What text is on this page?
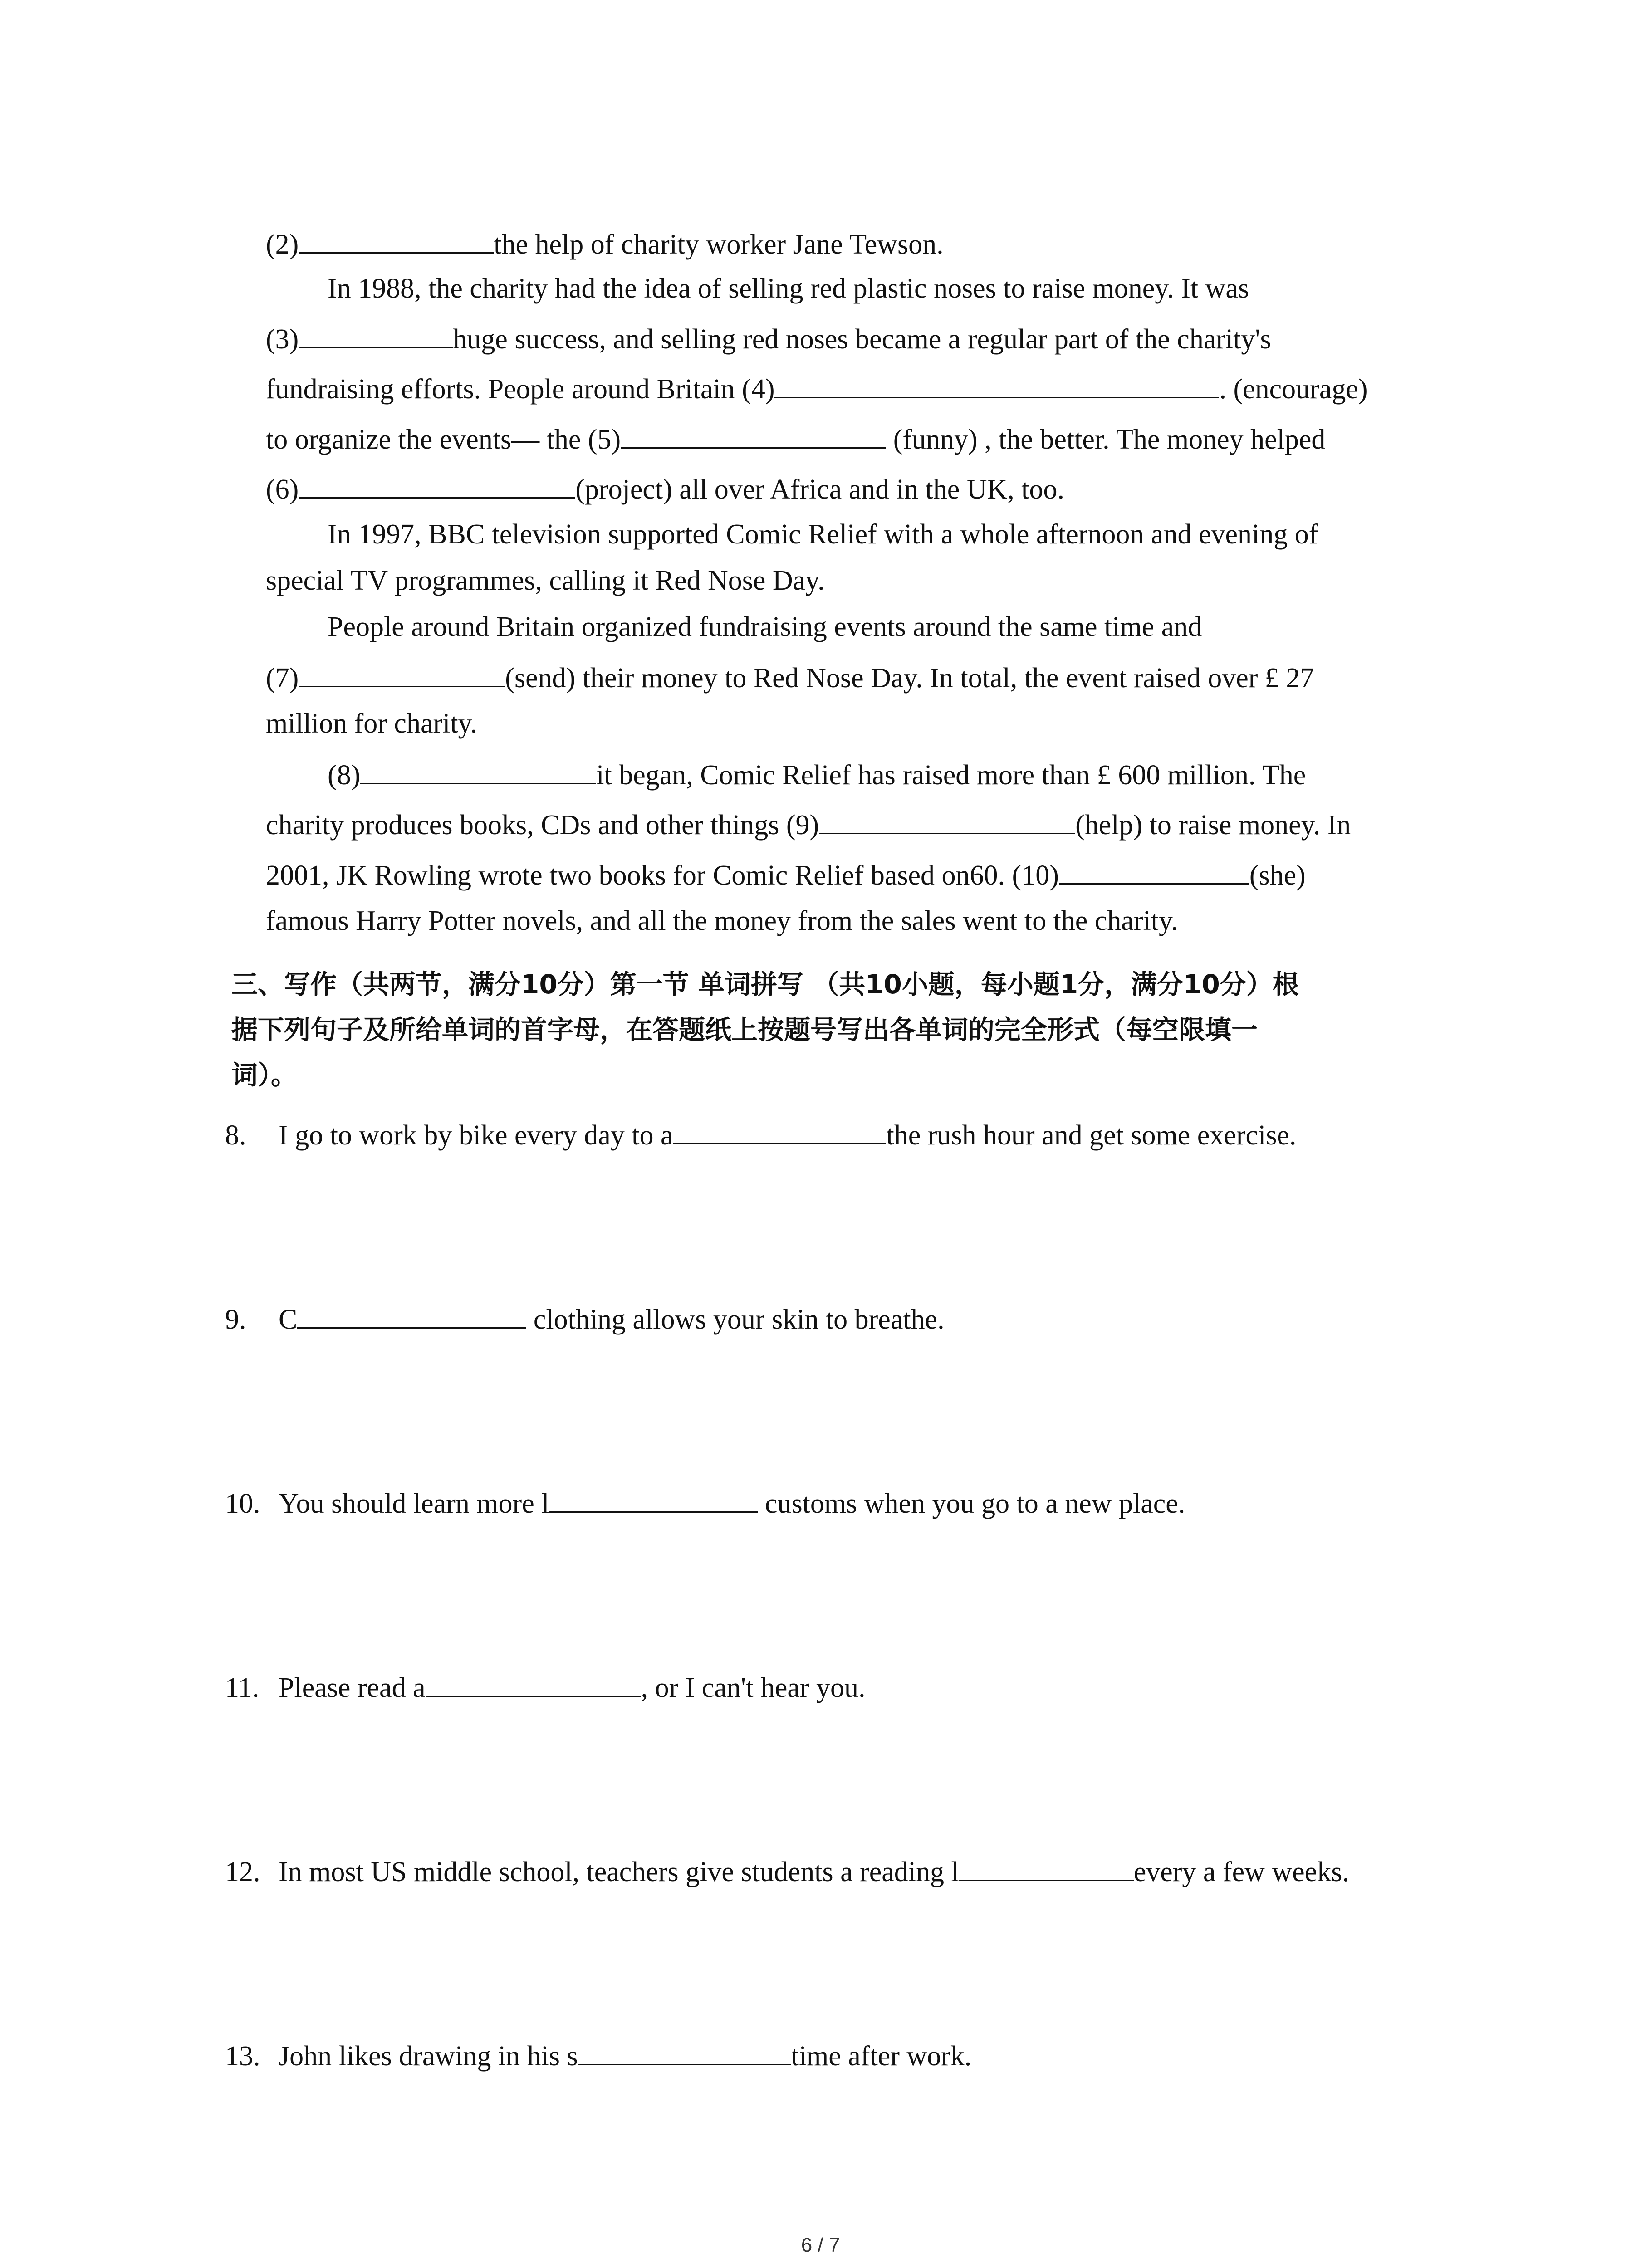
(2)	the help of charity worker Jane Tewson.
In 1988, the charity had the idea of selling red plastic noses to raise money. It was
(3)	huge success, and selling red noses became a regular part of the charity's
fundraising efforts. People around Britain (4)	. (encourage)
to organize the events— the (5)	(funny) , the better. The money helped
(6)	(project) all over Africa and in the UK, too.
In 1997, BBC television supported Comic Relief with a whole afternoon and evening of
special TV programmes, calling it Red Nose Day.
People around Britain organized fundraising events around the same time and
(7)	(send) their money to Red Nose Day. In total, the event raised over £ 27
million for charity.
(8)	it began, Comic Relief has raised more than £ 600 million. The
charity produces books, CDs and other things (9)	(help) to raise money. In
2001, JK Rowling wrote two books for Comic Relief based on60. (10)	(she)
famous Harry Potter novels, and all the money from the sales went to the charity.
三、写作（共两节，满分10分）第一节 单词拼写 （共10小题，每小题1分，满分10分）根
据下列句子及所给单词的首字母，在答题纸上按题号写出各单词的完全形式（每空限填一
词）。
8. I go to work by bike every day to a	the rush hour and get some exercise.
9. C	clothing allows your skin to breathe.
10. You should learn more l	customs when you go to a new place.
11. Please read a	, or I can't hear you.
12. In most US middle school, teachers give students a reading l	every a few weeks.
13. John likes drawing in his s	time after work.
6 / 7
